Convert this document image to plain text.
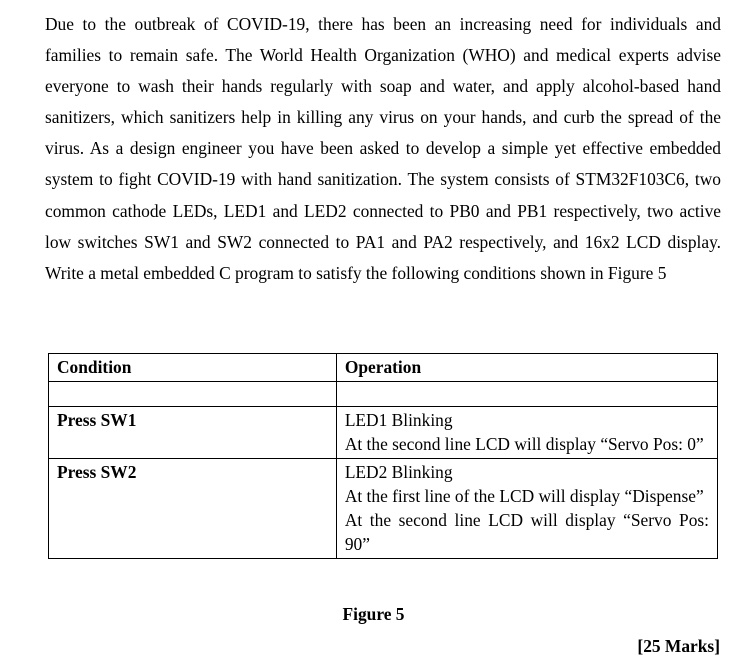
Due to the outbreak of COVID-19, there has been an increasing need for individuals and
families to remain safe. The World Health Organization (WHO) and medical experts advise
everyone to wash their hands regularly with soap and water, and apply alcohol-based hand
sanitizers, which sanitizers help in killing any virus on your hands, and curb the spread of the
virus. As a design engineer you have been asked to develop a simple yet effective embedded
system to fight COVID-19 with hand sanitization. The system consists of STM32F103C6, two
common cathode LEDs, LED1 and LED2 connected to PB0 and PB1 respectively, two active
low switches SW1 and SW2 connected to PA1 and PA2 respectively, and 16x2 LCD display.
Write a metal embedded C program to satisfy the following conditions shown in Figure 5
Condition	Operation

Press SW1	LED1 Blinking
At the second line LCD will display “Servo Pos: 0”

Press SW2	LED2 Blinking
At the first line of the LCD will display “Dispense”
At the second line LCD will display “Servo Pos: 90”
Figure 5
[25 Marks]
